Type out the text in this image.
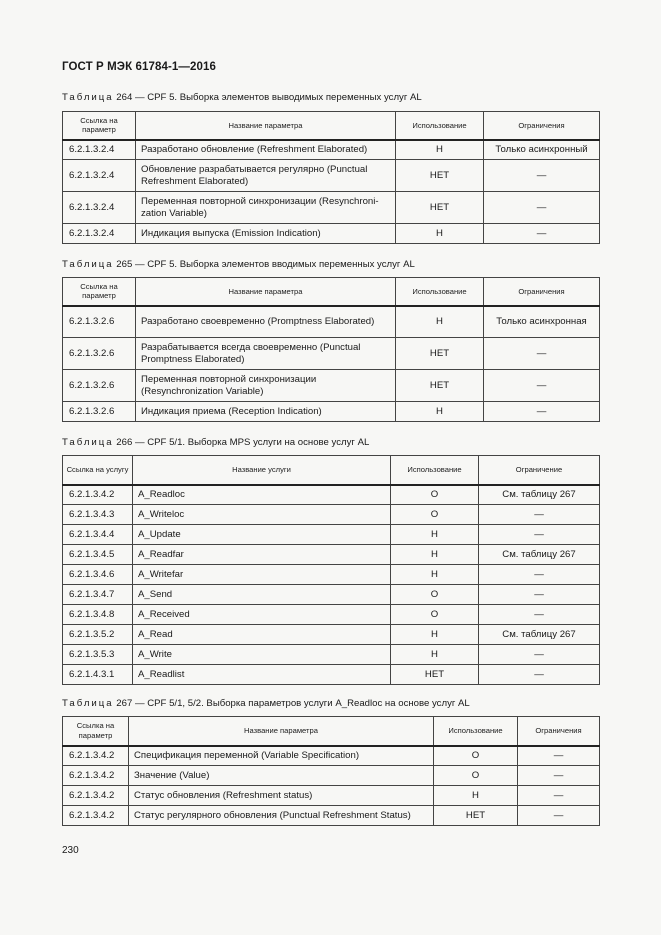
ГОСТ Р МЭК 61784-1—2016
Таблица 264 — CPF 5. Выборка элементов выводимых переменных услуг AL
Ссылка на параметр	Название параметра	Использование	Ограничения
6.2.1.3.2.4	Разработано обновление (Refreshment Elaborated)	H	Только асинхронный
6.2.1.3.2.4	Обновление разрабатывается регулярно (Punctual Refreshment Elaborated)	НЕТ	—
6.2.1.3.2.4	Переменная повторной синхронизации (Resynchroni-zation Variable)	НЕТ	—
6.2.1.3.2.4	Индикация выпуска (Emission Indication)	H	—
Таблица 265 — CPF 5. Выборка элементов вводимых переменных услуг AL
Ссылка на параметр	Название параметра	Использование	Ограничения
6.2.1.3.2.6	Разработано своевременно (Promptness Elaborated)	H	Только асинхронная
6.2.1.3.2.6	Разрабатывается всегда своевременно (Punctual Promptness Elaborated)	НЕТ	—
6.2.1.3.2.6	Переменная повторной синхронизации (Resynchronization Variable)	НЕТ	—
6.2.1.3.2.6	Индикация приема (Reception Indication)	H	—
Таблица 266 — CPF 5/1. Выборка MPS услуги на основе услуг AL
Ссылка на услугу	Название услуги	Использование	Ограничение
6.2.1.3.4.2	A_Readloc	O	См. таблицу 267
6.2.1.3.4.3	A_Writeloc	O	—
6.2.1.3.4.4	A_Update	H	—
6.2.1.3.4.5	A_Readfar	H	См. таблицу 267
6.2.1.3.4.6	A_Writefar	H	—
6.2.1.3.4.7	A_Send	O	—
6.2.1.3.4.8	A_Received	O	—
6.2.1.3.5.2	A_Read	H	См. таблицу 267
6.2.1.3.5.3	A_Write	H	—
6.2.1.4.3.1	A_Readlist	НЕТ	—
Таблица 267 — CPF 5/1, 5/2. Выборка параметров услуги A_Readloc на основе услуг AL
Ссылка на параметр	Название параметра	Использование	Ограничения
6.2.1.3.4.2	Спецификация переменной (Variable Specification)	O	—
6.2.1.3.4.2	Значение (Value)	O	—
6.2.1.3.4.2	Статус обновления (Refreshment status)	H	—
6.2.1.3.4.2	Статус регулярного обновления (Punctual Refreshment Status)	НЕТ	—
230
